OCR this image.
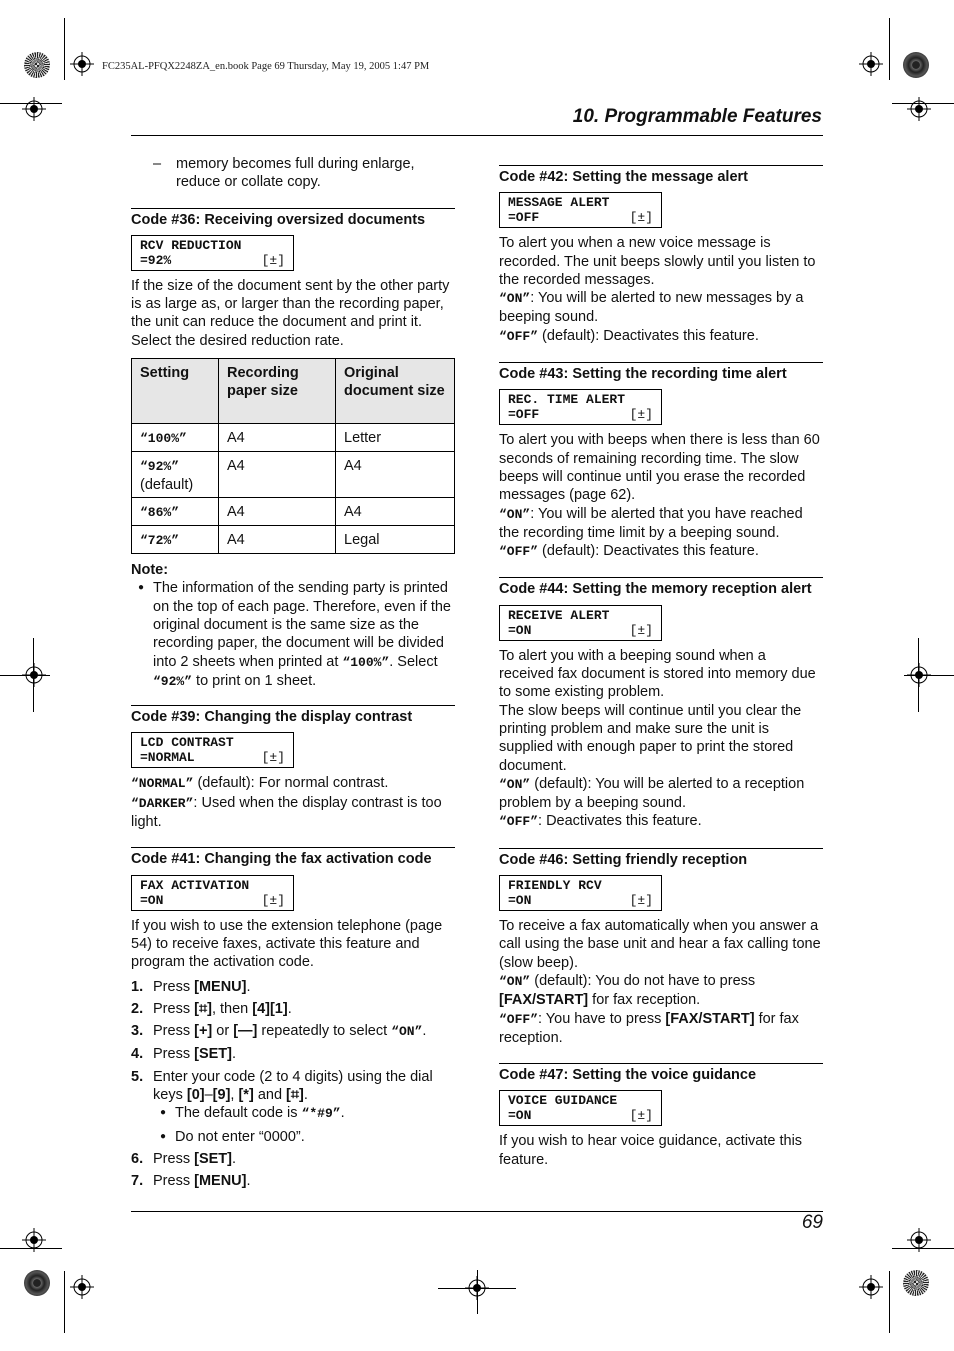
FC235AL-PFQX2248ZA_en.book Page 69 Thursday, May 19, 2005 1:47 PM
10. Programmable Features

– memory becomes full during enlarge, reduce or collate copy.

Code #36: Receiving oversized documents
RCV REDUCTION
=92%	[±]

If the size of the document sent by the other party is as large as, or larger than the recording paper, the unit can reduce the document and print it. Select the desired reduction rate.

Setting	Recording paper size	Original document size
“100%”	A4	Letter
“92%”
(default)	A4	A4
“86%”	A4	A4
“72%”	A4	Legal

Note:

● The information of the sending party is printed on the top of each page. Therefore, even if the original document is the same size as the recording paper, the document will be divided into 2 sheets when printed at “100%”. Select “92%” to print on 1 sheet.
Code #39: Changing the display contrast
LCD CONTRAST
=NORMAL	[±]

“NORMAL” (default): For normal contrast.

“DARKER”: Used when the display contrast is too light.

Code #41: Changing the fax activation code
FAX ACTIVATION
=ON	[±]

If you wish to use the extension telephone (page 54) to receive faxes, activate this feature and program the activation code.

1. Press [MENU].
2. Press [⌗], then [4][1].
3. Press [+] or [—] repeatedly to select “ON”.
4. Press [SET].
5. Enter your code (2 to 4 digits) using the dial keys [0]–[9], [*] and [⌗].
● The default code is “*#9”.
● Do not enter “0000”.
6. Press [SET].
7. Press [MENU].
Code #42: Setting the message alert
MESSAGE ALERT
=OFF	[±]

To alert you when a new voice message is recorded. The unit beeps slowly until you listen to the recorded messages.

“ON”: You will be alerted to new messages by a beeping sound.

“OFF” (default): Deactivates this feature.

Code #43: Setting the recording time alert
REC. TIME ALERT
=OFF	[±]

To alert you with beeps when there is less than 60 seconds of remaining recording time. The slow beeps will continue until you erase the recorded messages (page 62).

“ON”: You will be alerted that you have reached the recording time limit by a beeping sound.

“OFF” (default): Deactivates this feature.

Code #44: Setting the memory reception alert
RECEIVE ALERT
=ON	[±]

To alert you with a beeping sound when a received fax document is stored into memory due to some existing problem.

The slow beeps will continue until you clear the printing problem and make sure the unit is supplied with enough paper to print the stored document.

“ON” (default): You will be alerted to a reception problem by a beeping sound.

“OFF”: Deactivates this feature.

Code #46: Setting friendly reception
FRIENDLY RCV
=ON	[±]

To receive a fax automatically when you answer a call using the base unit and hear a fax calling tone (slow beep).

“ON” (default): You do not have to press [FAX/START] for fax reception.

“OFF”: You have to press [FAX/START] for fax reception.

Code #47: Setting the voice guidance
VOICE GUIDANCE
=ON	[±]

If you wish to hear voice guidance, activate this feature.

69
